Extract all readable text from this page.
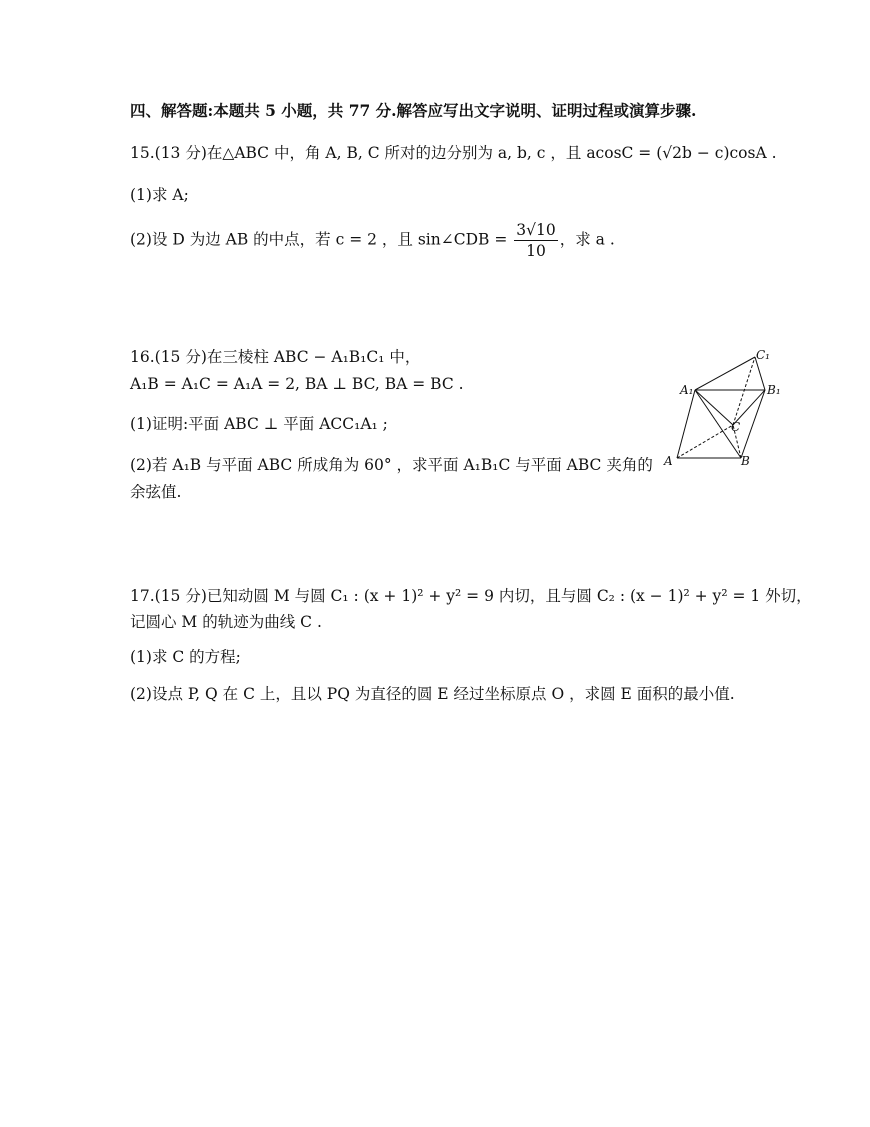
四、解答题:本题共 5 小题，共 77 分.解答应写出文字说明、证明过程或演算步骤.
15.(13 分)在△ABC 中，角 A, B, C 所对的边分别为 a, b, c ，且 acosC = (√2b − c)cosA .
(1)求 A;
(2)设 D 为边 AB 的中点，若 c = 2 ，且 sin∠CDB = $\frac{3√10}{10}$ ，求 a .
16.(15 分)在三棱柱 ABC − A₁B₁C₁ 中，
A₁B = A₁C = A₁A = 2, BA ⊥ BC, BA = BC .
(1)证明:平面 ABC ⊥ 平面 ACC₁A₁ ;
(2)若 A₁B 与平面 ABC 所成角为 60° ，求平面 A₁B₁C 与平面 ABC 夹角的
余弦值.
C₁
A₁	B₁
C
A	B
17.(15 分)已知动圆 M 与圆 C₁ : (x + 1)² + y² = 9 内切，且与圆 C₂ : (x − 1)² + y² = 1 外切，
记圆心 M 的轨迹为曲线 C .
(1)求 C 的方程;
(2)设点 P, Q 在 C 上，且以 PQ 为直径的圆 E 经过坐标原点 O ，求圆 E 面积的最小值.
